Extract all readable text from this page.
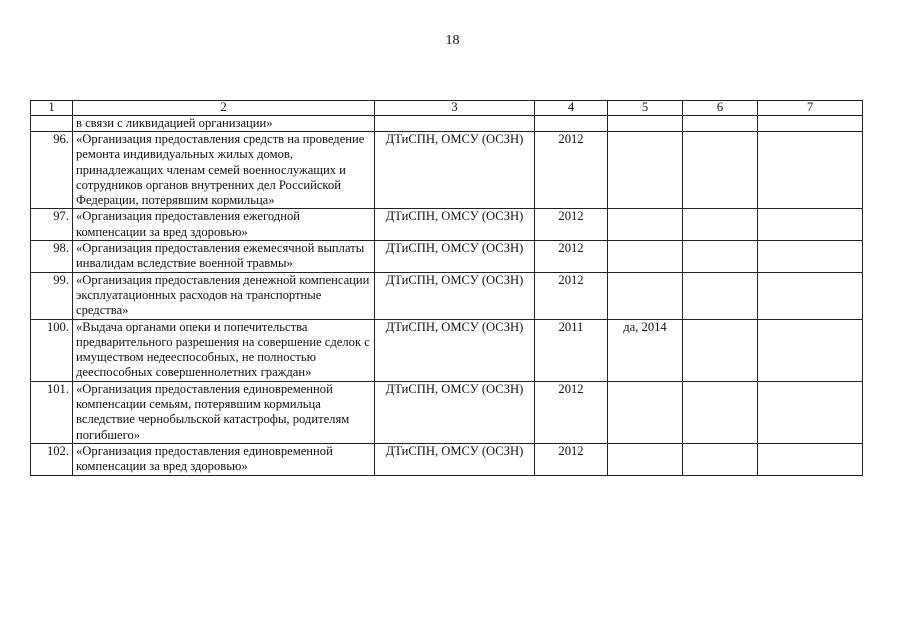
18
1	2	3	4	5	6	7
	в связи с ликвидацией организации»					
96.	«Организация предоставления средств на проведение ремонта индивидуальных жилых домов, принадлежащих членам семей военнослужащих и сотрудников органов внутренних дел Российской Федерации, потерявшим кормильца»	ДТиСПН, ОМСУ (ОСЗН)	2012			
97.	«Организация предоставления ежегодной компенсации за вред здоровью»	ДТиСПН, ОМСУ (ОСЗН)	2012			
98.	«Организация предоставления ежемесячной выплаты инвалидам вследствие военной травмы»	ДТиСПН, ОМСУ (ОСЗН)	2012			
99.	«Организация предоставления денежной компенсации эксплуатационных расходов на транспортные средства»	ДТиСПН, ОМСУ (ОСЗН)	2012			
100.	«Выдача органами опеки и попечительства предварительного разрешения на совершение сделок с имуществом недееспособных, не полностью дееспособных совершеннолетних граждан»	ДТиСПН, ОМСУ (ОСЗН)	2011	да, 2014		
101.	«Организация предоставления единовременной компенсации семьям, потерявшим кормильца вследствие чернобыльской катастрофы, родителям погибшего»	ДТиСПН, ОМСУ (ОСЗН)	2012			
102.	«Организация предоставления единовременной компенсации за вред здоровью»	ДТиСПН, ОМСУ (ОСЗН)	2012			
